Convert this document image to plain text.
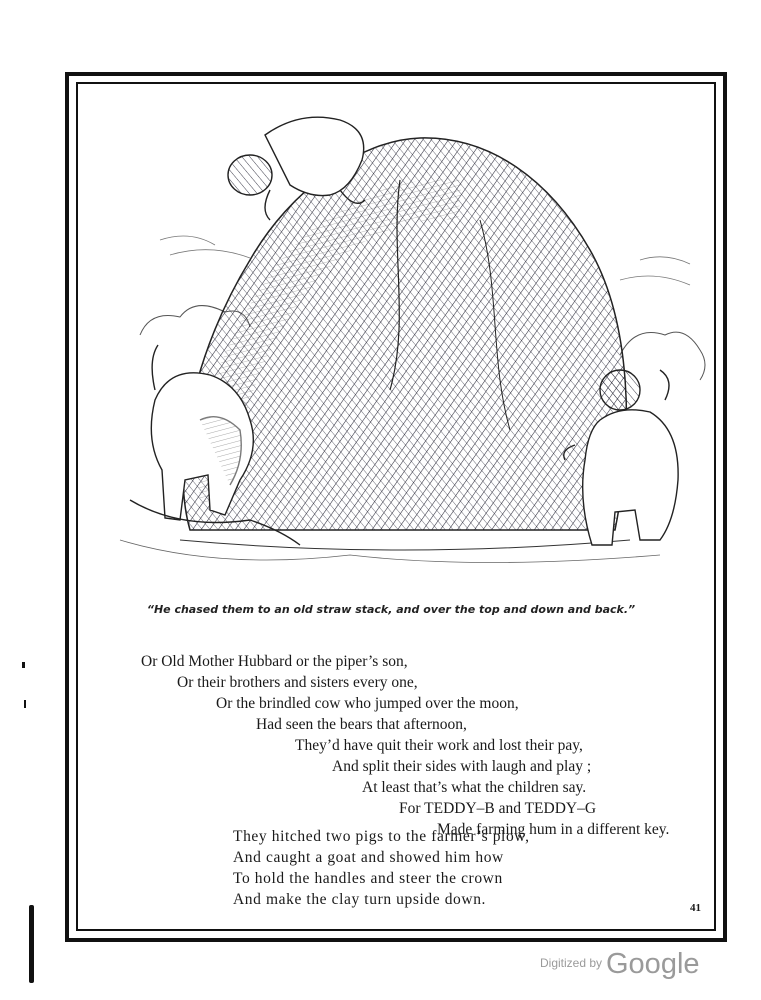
“He chased them to an old straw stack, and over the top and down and back.”
Or Old Mother Hubbard or the piper’s son,
Or their brothers and sisters every one,
Or the brindled cow who jumped over the moon,
Had seen the bears that afternoon,
They’d have quit their work and lost their pay,
And split their sides with laugh and play ;
At least that’s what the children say.
For TEDDY–B and TEDDY–G
Made farming hum in a different key.
They hitched two pigs to the farmer’s plow,
And caught a goat and showed him how
To hold the handles and steer the crown
And make the clay turn upside down.	41
Digitized by Google
